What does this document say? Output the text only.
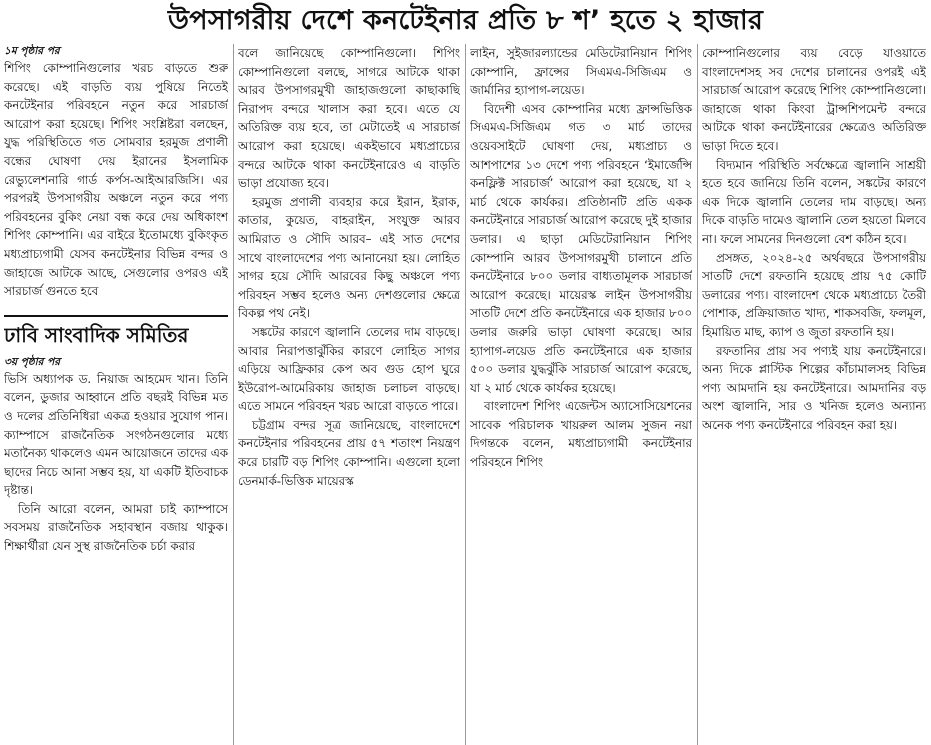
উপসাগরীয় দেশে কনটেইনার প্রতি ৮ শ’ হতে ২ হাজার

১ম পৃষ্ঠার পর

শিপিং কোম্পানিগুলোর খরচ বাড়তে শুরু করেছে। এই বাড়তি ব্যয় পুষিয়ে নিতেই কনটেইনার পরিবহনে নতুন করে সারচার্জ আরোপ করা হয়েছে। শিপিং সংশ্লিষ্টরা বলছেন, যুদ্ধ পরিস্থিতিতে গত সোমবার হরমুজ প্রণালী বন্ধের ঘোষণা দেয় ইরানের ইসলামিক রেভ্যুলেশনারি গার্ড কর্পস-আইআরজিসি। এর পরপরই উপসাগরীয় অঞ্চলে নতুন করে পণ্য পরিবহনের বুকিং নেয়া বন্ধ করে দেয় অধিকাংশ শিপিং কোম্পানি। এর বাইরে ইতোমধ্যে বুকিংকৃত মধ্যপ্রাচ্যগামী যেসব কনটেইনার বিভিন্ন বন্দর ও জাহাজে আটকে আছে, সেগুলোর ওপরও এই সারচার্জ গুনতে হবে

ঢাবি সাংবাদিক সমিতির

৩য় পৃষ্ঠার পর

ভিসি অধ্যাপক ড. নিয়াজ আহমেদ খান। তিনি বলেন, ডুজার আহ্বানে প্রতি বছরই বিভিন্ন মত ও দলের প্রতিনিধিরা একত্র হওয়ার সুযোগ পান। ক্যাম্পাসে রাজনৈতিক সংগঠনগুলোর মধ্যে মতানৈক্য থাকলেও এমন আয়োজনে তাদের এক ছাদের নিচে আনা সম্ভব হয়, যা একটি ইতিবাচক দৃষ্টান্ত।

তিনি আরো বলেন, আমরা চাই ক্যাম্পাসে সবসময় রাজনৈতিক সহাবস্থান বজায় থাকুক। শিক্ষার্থীরা যেন সুস্থ রাজনৈতিক চর্চা করার

বলে জানিয়েছে কোম্পানিগুলো। শিপিং কোম্পানিগুলো বলছে, সাগরে আটকে থাকা আরব উপসাগরমুখী জাহাজগুলো কাছাকাছি নিরাপদ বন্দরে খালাস করা হবে। এতে যে অতিরিক্ত ব্যয় হবে, তা মেটাতেই এ সারচার্জ আরোপ করা হয়েছে। একইভাবে মধ্যপ্রাচ্যের বন্দরে আটকে থাকা কনটেইনারেও এ বাড়তি ভাড়া প্রযোজ্য হবে।

হরমুজ প্রণালী ব্যবহার করে ইরান, ইরাক, কাতার, কুয়েত, বাহরাইন, সংযুক্ত আরব আমিরাত ও সৌদি আরব– এই সাত দেশের সাথে বাংলাদেশের পণ্য আনানেয়া হয়। লোহিত সাগর হয়ে সৌদি আরবের কিছু অঞ্চলে পণ্য পরিবহন সম্ভব হলেও অন্য দেশগুলোর ক্ষেত্রে বিকল্প পথ নেই।

সঙ্কটের কারণে জ্বালানি তেলের দাম বাড়ছে। আবার নিরাপত্তাঝুঁকির কারণে লোহিত সাগর এড়িয়ে আফ্রিকার কেপ অব গুড হোপ ঘুরে ইউরোপ-আমেরিকায় জাহাজ চলাচল বাড়ছে। এতে সামনে পরিবহন খরচ আরো বাড়তে পারে।

চট্টগ্রাম বন্দর সূত্র জানিয়েছে, বাংলাদেশে কনটেইনার পরিবহনের প্রায় ৫৭ শতাংশ নিয়ন্ত্রণ করে চারটি বড় শিপিং কোম্পানি। এগুলো হলো ডেনমার্ক-ভিত্তিক মায়েরস্ক

লাইন, সুইজারল্যান্ডের মেডিটেরানিয়ান শিপিং কোম্পানি, ফ্রান্সের সিএমএ-সিজিএম ও জার্মানির হ্যাপাগ-লয়েড।

বিদেশী এসব কোম্পানির মধ্যে ফ্রান্সভিত্তিক সিএমএ-সিজিএম গত ৩ মার্চ তাদের ওয়েবসাইটে ঘোষণা দেয়, মধ্যপ্রাচ্য ও আশপাশের ১৩ দেশে পণ্য পরিবহনে ‘ইমার্জেন্সি কনফ্লিক্ট সারচার্জ’ আরোপ করা হয়েছে, যা ২ মার্চ থেকে কার্যকর। প্রতিষ্ঠানটি প্রতি একক কনটেইনারে সারচার্জ আরোপ করেছে দুই হাজার ডলার। এ ছাড়া মেডিটেরানিয়ান শিপিং কোম্পানি আরব উপসাগরমুখী চালানে প্রতি কনটেইনারে ৮০০ ডলার বাধ্যতামূলক সারচার্জ আরোপ করেছে। মায়েরস্ক লাইন উপসাগরীয় সাতটি দেশে প্রতি কনটেইনারে এক হাজার ৮০০ ডলার জরুরি ভাড়া ঘোষণা করেছে। আর হ্যাপাগ-লয়েড প্রতি কনটেইনারে এক হাজার ৫০০ ডলার যুদ্ধঝুঁকি সারচার্জ আরোপ করেছে, যা ২ মার্চ থেকে কার্যকর হয়েছে।

বাংলাদেশ শিপিং এজেন্টস অ্যাসোসিয়েশনের সাবেক পরিচালক খায়রুল আলম সুজন নয়া দিগন্তকে বলেন, মধ্যপ্রাচ্যগামী কনটেইনার পরিবহনে শিপিং

কোম্পানিগুলোর ব্যয় বেড়ে যাওয়াতে বাংলাদেশসহ সব দেশের চালানের ওপরই এই সারচার্জ আরোপ করেছে শিপিং কোম্পানিগুলো। জাহাজে থাকা কিংবা ট্রান্সশিপমেন্ট বন্দরে আটকে থাকা কনটেইনারের ক্ষেত্রেও অতিরিক্ত ভাড়া দিতে হবে।

বিদ্যমান পরিস্থিতি সর্বক্ষেত্রে জ্বালানি সাশ্রয়ী হতে হবে জানিয়ে তিনি বলেন, সঙ্কটের কারণে এক দিকে জ্বালানি তেলের দাম বাড়ছে। অন্য দিকে বাড়তি দামেও জ্বালানি তেল হয়তো মিলবে না। ফলে সামনের দিনগুলো বেশ কঠিন হবে।

প্রসঙ্গত, ২০২৪-২৫ অর্থবছরে উপসাগরীয় সাতটি দেশে রফতানি হয়েছে প্রায় ৭৫ কোটি ডলারের পণ্য। বাংলাদেশ থেকে মধ্যপ্রাচ্যে তৈরী পোশাক, প্রক্রিয়াজাত খাদ্য, শাকসবজি, ফলমূল, হিমায়িত মাছ, ক্যাপ ও জুতা রফতানি হয়।

রফতানির প্রায় সব পণ্যই যায় কনটেইনারে। অন্য দিকে প্লাস্টিক শিল্পের কাঁচামালসহ বিভিন্ন পণ্য আমদানি হয় কনটেইনারে। আমদানির বড় অংশ জ্বালানি, সার ও খনিজ হলেও অন্যান্য অনেক পণ্য কনটেইনারে পরিবহন করা হয়।
